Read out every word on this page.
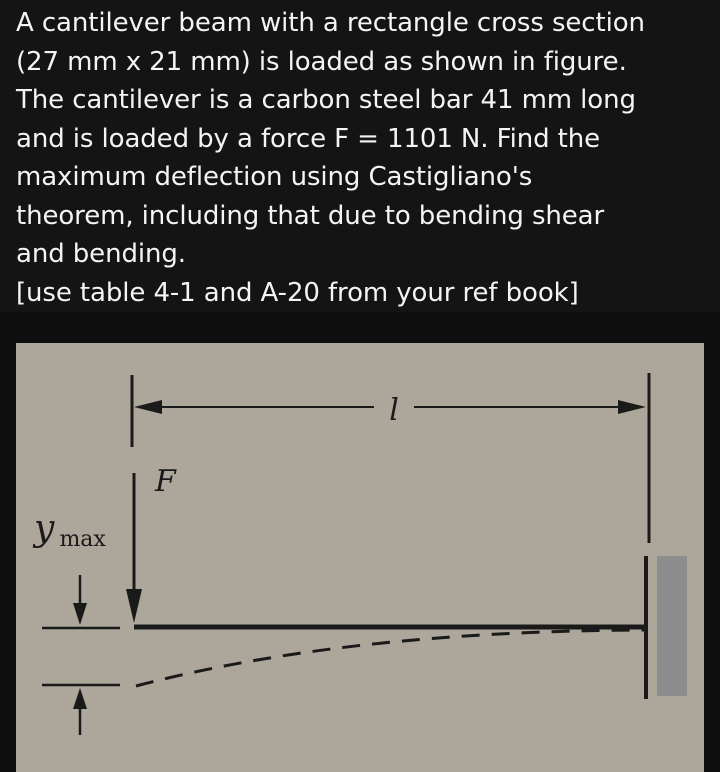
A cantilever beam with a rectangle cross section
(27 mm x 21 mm) is loaded as shown in figure.
The cantilever is a carbon steel bar 41 mm long
and is loaded by a force F = 1101 N. Find the
maximum deflection using Castigliano's
theorem, including that due to bending shear
and bending.
[use table 4-1 and A-20 from your ref book]
l
F
y max
